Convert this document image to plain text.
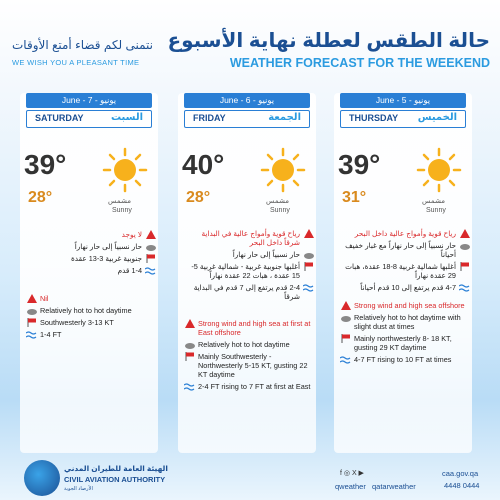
حالة الطقس لعطلة نهاية الأسبوع
WEATHER FORECAST FOR THE WEEKEND
نتمنى لكم قضاء أمتع الأوقات
WE WISH YOU A PLEASANT TIME
June - 7 - يونيو
SATURDAY	السبت
39°
28°	مشمس
Sunny
لا يوجد
حار نسبياً إلى حار نهاراً
جنوبية غربية 3-13 عقدة
1-4 قدم
Nil
Relatively hot to hot daytime
Southwesterly 3-13 KT
1-4 FT
June - 6 - يونيو
FRIDAY	الجمعة
40°
28°	مشمس
Sunny
رياح قوية وأمواج عالية في البداية شرقاً داخل البحر
حار نسبياً إلى حار نهاراً
أغلبها جنوبية غربية - شمالية غربية 5-15 عقدة ، هبات 22 عقدة نهاراً
2-4 قدم يرتفع إلى 7 قدم في البداية شرقاً
Strong wind and high sea at first at East offshore
Relatively hot to hot daytime
Mainly Southwesterly - Northwesterly 5-15 KT, gusting 22 KT daytime
2-4 FT rising to 7 FT at first at East
June - 5 - يونيو
THURSDAY الخميس
39°
31°	مشمس
Sunny
رياح قوية وأمواج عالية داخل البحر
حار نسبياً إلى حار نهاراً مع غبار خفيف أحياناً
أغلبها شمالية غربية 8-18 عقدة، هبات 29 عقدة نهاراً
4-7 قدم يرتفع إلى 10 قدم أحياناً
Strong wind and high sea offshore
Relatively hot to hot daytime with slight dust at times
Mainly northwesterly 8- 18 KT, gusting 29 KT daytime
4-7 FT rising to 10 FT at times
الهيئة العامة للطيران المدني
CIVIL AVIATION AUTHORITY
الأرصاد الجوية
f ◎ X ▶
qweather qatarweather
caa.gov.qa
4448 0444
